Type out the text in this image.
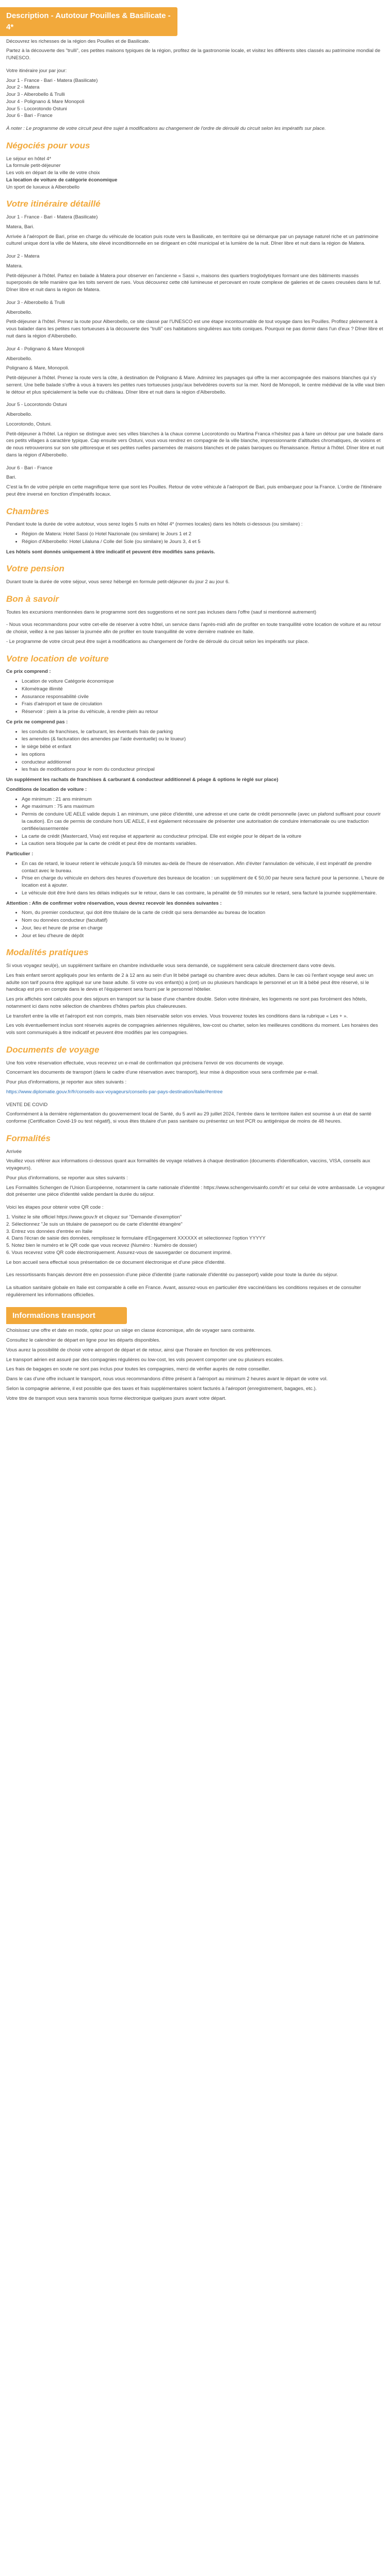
Description - Autotour Pouilles & Basilicate - 4*

Découvrez les richesses de la région des Pouilles et de Basilicate.

Partez à la découverte des "trulli", ces petites maisons typiques de la région, profitez de la gastronomie locale, et visitez les différents sites classés au patrimoine mondial de l'UNESCO.

Votre itinéraire jour par jour:

Jour 1 - France - Bari - Matera (Basilicate)

Jour 2 - Matera

Jour 3 - Alberobello & Trulli

Jour 4 - Polignano & Mare Monopoli

Jour 5 - Locorotondo Ostuni

Jour 6 - Bari - France

À noter : Le programme de votre circuit peut être sujet à modifications au changement de l'ordre de déroulé du circuit selon les impératifs sur place.

Négociés pour vous

Le séjour en hôtel 4*

La formule petit-déjeuner

Les vols en départ de la ville de votre choix

La location de voiture de catégorie économique

Un sport de luxueux à Alberobello

Votre itinéraire détaillé

Jour 1 - France - Bari - Matera (Basilicate)

Matera, Bari.

Arrivée à l'aéroport de Bari, prise en charge du véhicule de location puis route vers la Basilicate, en territoire qui se démarque par un paysage naturel riche et un patrimoine culturel unique dont la ville de Matera, site élevé inconditionnelle en se dirigeant en côté municipal et la lumière de la nuit. Dîner libre et nuit dans la région de Matera.

Jour 2 - Matera

Matera.

Petit-déjeuner à l'hôtel. Partez en balade à Matera pour observer en l'ancienne « Sassi », maisons des quartiers troglodytiques formant une des bâtiments massés superposés de telle manière que les toits servent de rues. Vous découvrez cette cité lumineuse et percevant en route complexe de galeries et de caves creusées dans le tuf. Dîner libre et nuit dans la région de Matera.

Jour 3 - Alberobello & Trulli

Alberobello.

Petit-déjeuner à l'hôtel. Prenez la route pour Alberobello, ce site classé par l'UNESCO est une étape incontournable de tout voyage dans les Pouilles. Profitez pleinement à vous balader dans les petites rues tortueuses à la découverte des "trulli" ces habitations singulières aux toits coniques. Pourquoi ne pas dormir dans l'un d'eux ? Dîner libre et nuit dans la région d'Alberobello.

Jour 4 - Polignano & Mare Monopoli

Alberobello.

Polignano & Mare, Monopoli.

Petit-déjeuner à l'hôtel. Prenez la route vers la côte, à destination de Polignano & Mare. Admirez les paysages qui offre la mer accompagnée des maisons blanches qui s'y serrent. Une belle balade s'offre à vous à travers les petites rues tortueuses jusqu'aux belvédères ouverts sur la mer. Nord de Monopoli, le centre médiéval de la ville vaut bien le détour et plus spécialement la belle vue du château. Dîner libre et nuit dans la région d'Alberobello.

Jour 5 - Locorotondo Ostuni

Alberobello.

Locorotondo, Ostuni.

Petit-déjeuner à l'hôtel. La région se distingue avec ses villes blanches à la chaux comme Locorotondo ou Martina Franca n'hésitez pas à faire un détour par une balade dans ces petits villages à caractère typique. Cap ensuite vers Ostuni, vous vous rendrez en compagnie de la ville blanche, impressionnante d'altitudes chromatiques, de voisins et de nous retrouverons sur son site pittoresque et ses petites ruelles parsemées de maisons blanches et de palais baroques ou Renaissance. Retour à l'hôtel. Dîner libre et nuit dans la région d'Alberobello.

Jour 6 - Bari - France

Bari.

C'est la fin de votre périple en cette magnifique terre que sont les Pouilles. Retour de votre véhicule à l'aéroport de Bari, puis embarquez pour la France. L'ordre de l'itinéraire peut être inversé en fonction d'impératifs locaux.

Chambres

Pendant toute la durée de votre autotour, vous serez logés 5 nuits en hôtel 4* (normes locales) dans les hôtels ci-dessous (ou similaire) :

• Région de Matera: Hotel Sassi (o Hotel Nazionale (ou similaire) le Jours 1 et 2
• Région d'Alberobello: Hotel Lilaluna / Colle del Sole (ou similaire) le Jours 3, 4 et 5

Les hôtels sont donnés uniquement à titre indicatif et peuvent être modifiés sans préavis.

Votre pension

Durant toute la durée de votre séjour, vous serez hébergé en formule petit-déjeuner du jour 2 au jour 6.

Bon à savoir

Toutes les excursions mentionnées dans le programme sont des suggestions et ne sont pas incluses dans l'offre (sauf si mentionné autrement)

- Nous vous recommandons pour votre cet-elle de réserver à votre hôtel, un service dans l'après-midi afin de profiter en toute tranquillité votre location de voiture et au retour de choisir, veillez à ne pas laisser la journée afin de profiter en toute tranquillité de votre dernière matinée en Italie.

- Le programme de votre circuit peut être sujet à modifications au changement de l'ordre de déroulé du circuit selon les impératifs sur place.

Votre location de voiture

Ce prix comprend :

• Location de voiture Catégorie économique
• Kilométrage illimité
• Assurance responsabilité civile
• Frais d'aéroport et taxe de circulation
• Réservoir : plein à la prise du véhicule, à rendre plein au retour

Ce prix ne comprend pas :

• les conduits de franchises, le carburant, les éventuels frais de parking
• les amendes (& facturation des amendes par l'aide éventuelle) ou le loueur)
• le siège bébé et enfant
• les options
• conducteur additionnel
• les frais de modifications pour le nom du conducteur principal

Un supplément les rachats de franchises & carburant & conducteur additionnel & péage & options le règlé sur place)

Conditions de location de voiture :

• Age minimum : 21 ans minimum
• Age maximum : 75 ans maximum
• Permis de conduire UE AELE valide depuis 1 an minimum, une pièce d'identité, une adresse et une carte de crédit personnelle (avec un plafond suffisant pour couvrir la caution). En cas de permis de conduire hors UE AELE, il est également nécessaire de présenter une autorisation de conduire internationale ou une traduction certifiée/assermentée
• La carte de crédit (Mastercard, Visa) est requise et appartenir au conducteur principal. Elle est exigée pour le départ de la voiture
• La caution sera bloquée par la carte de crédit et peut être de montants variables.

Particulier :

• En cas de retard, le loueur retient le véhicule jusqu'à 59 minutes au-delà de l'heure de réservation. Afin d'éviter l'annulation de véhicule, il est impératif de prendre contact avec le bureau.
• Prise en charge du véhicule en dehors des heures d'ouverture des bureaux de location : un supplément de € 50,00 par heure sera facturé pour la personne. L'heure de location est à ajouter.
• Le véhicule doit être livré dans les délais indiqués sur le retour, dans le cas contraire, la pénalité de 59 minutes sur le retard, sera facturé la journée supplémentaire.

Attention : Afin de confirmer votre réservation, vous devrez recevoir les données suivantes :

• Nom, du premier conducteur, qui doit être titulaire de la carte de crédit qui sera demandée au bureau de location
• Nom ou données conducteur (facultatif)
• Jour, lieu et heure de prise en charge
• Jour et lieu d'heure de dépôt
Modalités pratiques

Si vous voyagez seul(e), un supplément tarifaire en chambre individuelle vous sera demandé, ce supplément sera calculé directement dans votre devis.

Les frais enfant seront appliqués pour les enfants de 2 à 12 ans au sein d'un lit bébé partagé ou chambre avec deux adultes. Dans le cas où l'enfant voyage seul avec un adulte son tarif pourra être appliqué sur une base adulte. Si votre ou vos enfant(s) a (ont) un ou plusieurs handicaps le personnel et un lit à bébé peut être réservé, si le handicap est pris en compte dans le devis et l'équipement sera fourni par le personnel hôtelier.

Les prix affichés sont calculés pour des séjours en transport sur la base d'une chambre double. Selon votre itinéraire, les logements ne sont pas forcément des hôtels, notamment ici dans notre sélection de chambres d'hôtes parfois plus chaleureuses.

Le transfert entre la ville et l'aéroport est non compris, mais bien réservable selon vos envies. Vous trouverez toutes les conditions dans la rubrique « Les + ».

Les vols éventuellement inclus sont réservés auprès de compagnies aériennes régulières, low-cost ou charter, selon les meilleures conditions du moment. Les horaires des vols sont communiqués à titre indicatif et peuvent être modifiés par les compagnies.

Documents de voyage

Une fois votre réservation effectuée, vous recevrez un e-mail de confirmation qui précisera l'envoi de vos documents de voyage.

Concernant les documents de transport (dans le cadre d'une réservation avec transport), leur mise à disposition vous sera confirmée par e-mail.

Pour plus d'informations, je reporter aux sites suivants :

https://www.diplomatie.gouv.fr/fr/conseils-aux-voyageurs/conseils-par-pays-destination/italie/#entree

VENTE DE COVID

Conformément à la dernière réglementation du gouvernement local de Santé, du 5 avril au 29 juillet 2024, l'entrée dans le territoire italien est soumise à un état de santé conforme (Certification Covid-19 ou test négatif), si vous êtes titulaire d'un pass sanitaire ou présentez un test PCR ou antigénique de moins de 48 heures.

Formalités

Arrivée

Veuillez vous référer aux informations ci-dessous quant aux formalités de voyage relatives à chaque destination (documents d'identification, vaccins, VISA, conseils aux voyageurs).

Pour plus d'informations, se reporter aux sites suivants :

Les Formalités Schengen de l'Union Européenne, notamment la carte nationale d'identité : https://www.schengenvisainfo.com/fr/ et sur celui de votre ambassade. Le voyageur doit présenter une pièce d'identité valide pendant la durée du séjour.

Voici les étapes pour obtenir votre QR code :

1. Visitez le site officiel https://www.gouv.fr et cliquez sur "Demande d'exemption"

2. Sélectionnez "Je suis un titulaire de passeport ou de carte d'identité étrangère"

3. Entrez vos données d'entrée en Italie

4. Dans l'écran de saisie des données, remplissez le formulaire d'Engagement XXXXXX et sélectionnez l'option YYYYY

5. Notez bien le numéro et le QR code que vous recevez (Numéro : Numéro de dossier)

6. Vous recevrez votre QR code électroniquement. Assurez-vous de sauvegarder ce document imprimé.

Le bon accueil sera effectué sous présentation de ce document électronique et d'une pièce d'identité.

Les ressortissants français devront être en possession d'une pièce d'identité (carte nationale d'identité ou passeport) valide pour toute la durée du séjour.

La situation sanitaire globale en Italie est comparable à celle en France. Avant, assurez-vous en particulier être vacciné/dans les conditions requises et de consulter régulièrement les informations officielles.

Informations transport

Choisissez une offre et date en mode, optez pour un siège en classe économique, afin de voyager sans contrainte.

Consultez le calendrier de départ en ligne pour les départs disponibles.

Vous aurez la possibilité de choisir votre aéroport de départ et de retour, ainsi que l'horaire en fonction de vos préférences.

Le transport aérien est assuré par des compagnies régulières ou low-cost, les vols peuvent comporter une ou plusieurs escales.

Les frais de bagages en soute ne sont pas inclus pour toutes les compagnies, merci de vérifier auprès de notre conseiller.

Dans le cas d'une offre incluant le transport, nous vous recommandons d'être présent à l'aéroport au minimum 2 heures avant le départ de votre vol.

Selon la compagnie aérienne, il est possible que des taxes et frais supplémentaires soient facturés à l'aéroport (enregistrement, bagages, etc.).

Votre titre de transport vous sera transmis sous forme électronique quelques jours avant votre départ.
